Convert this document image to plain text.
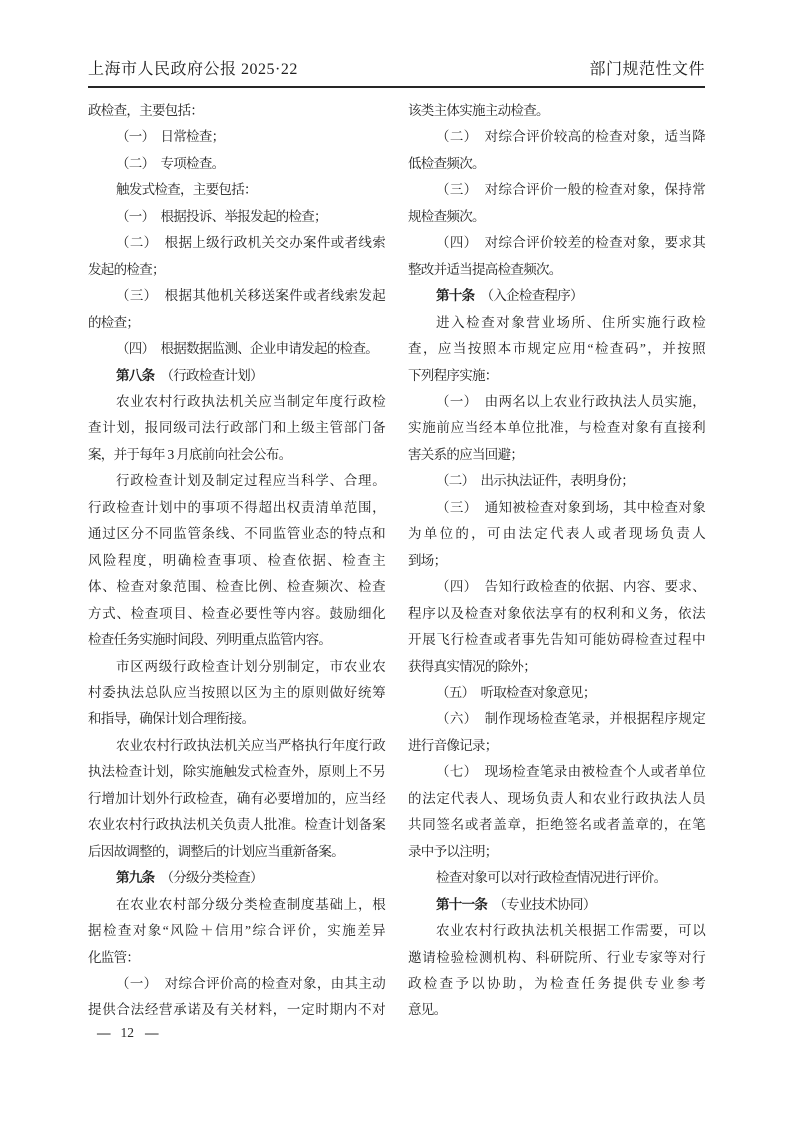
上海市人民政府公报 2025·22	部门规范性文件
政检查，主要包括：
（一）　日常检查；
（二）　专项检查。
触发式检查，主要包括：
（一）　根据投诉、举报发起的检查；
（二）　根据上级行政机关交办案件或者线索
发起的检查；
（三）　根据其他机关移送案件或者线索发起
的检查；
（四）　根据数据监测、企业申请发起的检查。
第八条　（行政检查计划）
农业农村行政执法机关应当制定年度行政检
查计划，报同级司法行政部门和上级主管部门备
案，并于每年 3 月底前向社会公布。
行政检查计划及制定过程应当科学、合理。
行政检查计划中的事项不得超出权责清单范围，
通过区分不同监管条线、不同监管业态的特点和
风险程度，明确检查事项、检查依据、检查主
体、检查对象范围、检查比例、检查频次、检查
方式、检查项目、检查必要性等内容。鼓励细化
检查任务实施时间段、列明重点监管内容。
市区两级行政检查计划分别制定，市农业农
村委执法总队应当按照以区为主的原则做好统筹
和指导，确保计划合理衔接。
农业农村行政执法机关应当严格执行年度行政
执法检查计划，除实施触发式检查外，原则上不另
行增加计划外行政检查，确有必要增加的，应当经
农业农村行政执法机关负责人批准。检查计划备案
后因故调整的，调整后的计划应当重新备案。
第九条　（分级分类检查）
在农业农村部分级分类检查制度基础上，根
据检查对象“风险＋信用”综合评价，实施差异
化监管：
（一）　对综合评价高的检查对象，由其主动
提供合法经营承诺及有关材料，一定时期内不对
该类主体实施主动检查。
（二）　对综合评价较高的检查对象，适当降
低检查频次。
（三）　对综合评价一般的检查对象，保持常
规检查频次。
（四）　对综合评价较差的检查对象，要求其
整改并适当提高检查频次。
第十条　（入企检查程序）
进入检查对象营业场所、住所实施行政检
查，应当按照本市规定应用“检查码”，并按照
下列程序实施：
（一）　由两名以上农业行政执法人员实施，
实施前应当经本单位批准，与检查对象有直接利
害关系的应当回避；
（二）　出示执法证件，表明身份；
（三）　通知被检查对象到场，其中检查对象
为单位的，可由法定代表人或者现场负责人
到场；
（四）　告知行政检查的依据、内容、要求、
程序以及检查对象依法享有的权利和义务，依法
开展飞行检查或者事先告知可能妨碍检查过程中
获得真实情况的除外；
（五）　听取检查对象意见；
（六）　制作现场检查笔录，并根据程序规定
进行音像记录；
（七）　现场检查笔录由被检查个人或者单位
的法定代表人、现场负责人和农业行政执法人员
共同签名或者盖章，拒绝签名或者盖章的，在笔
录中予以注明；
检查对象可以对行政检查情况进行评价。
第十一条　（专业技术协同）
农业农村行政执法机关根据工作需要，可以
邀请检验检测机构、科研院所、行业专家等对行
政检查予以协助，为检查任务提供专业参考
意见。
— 12 —
